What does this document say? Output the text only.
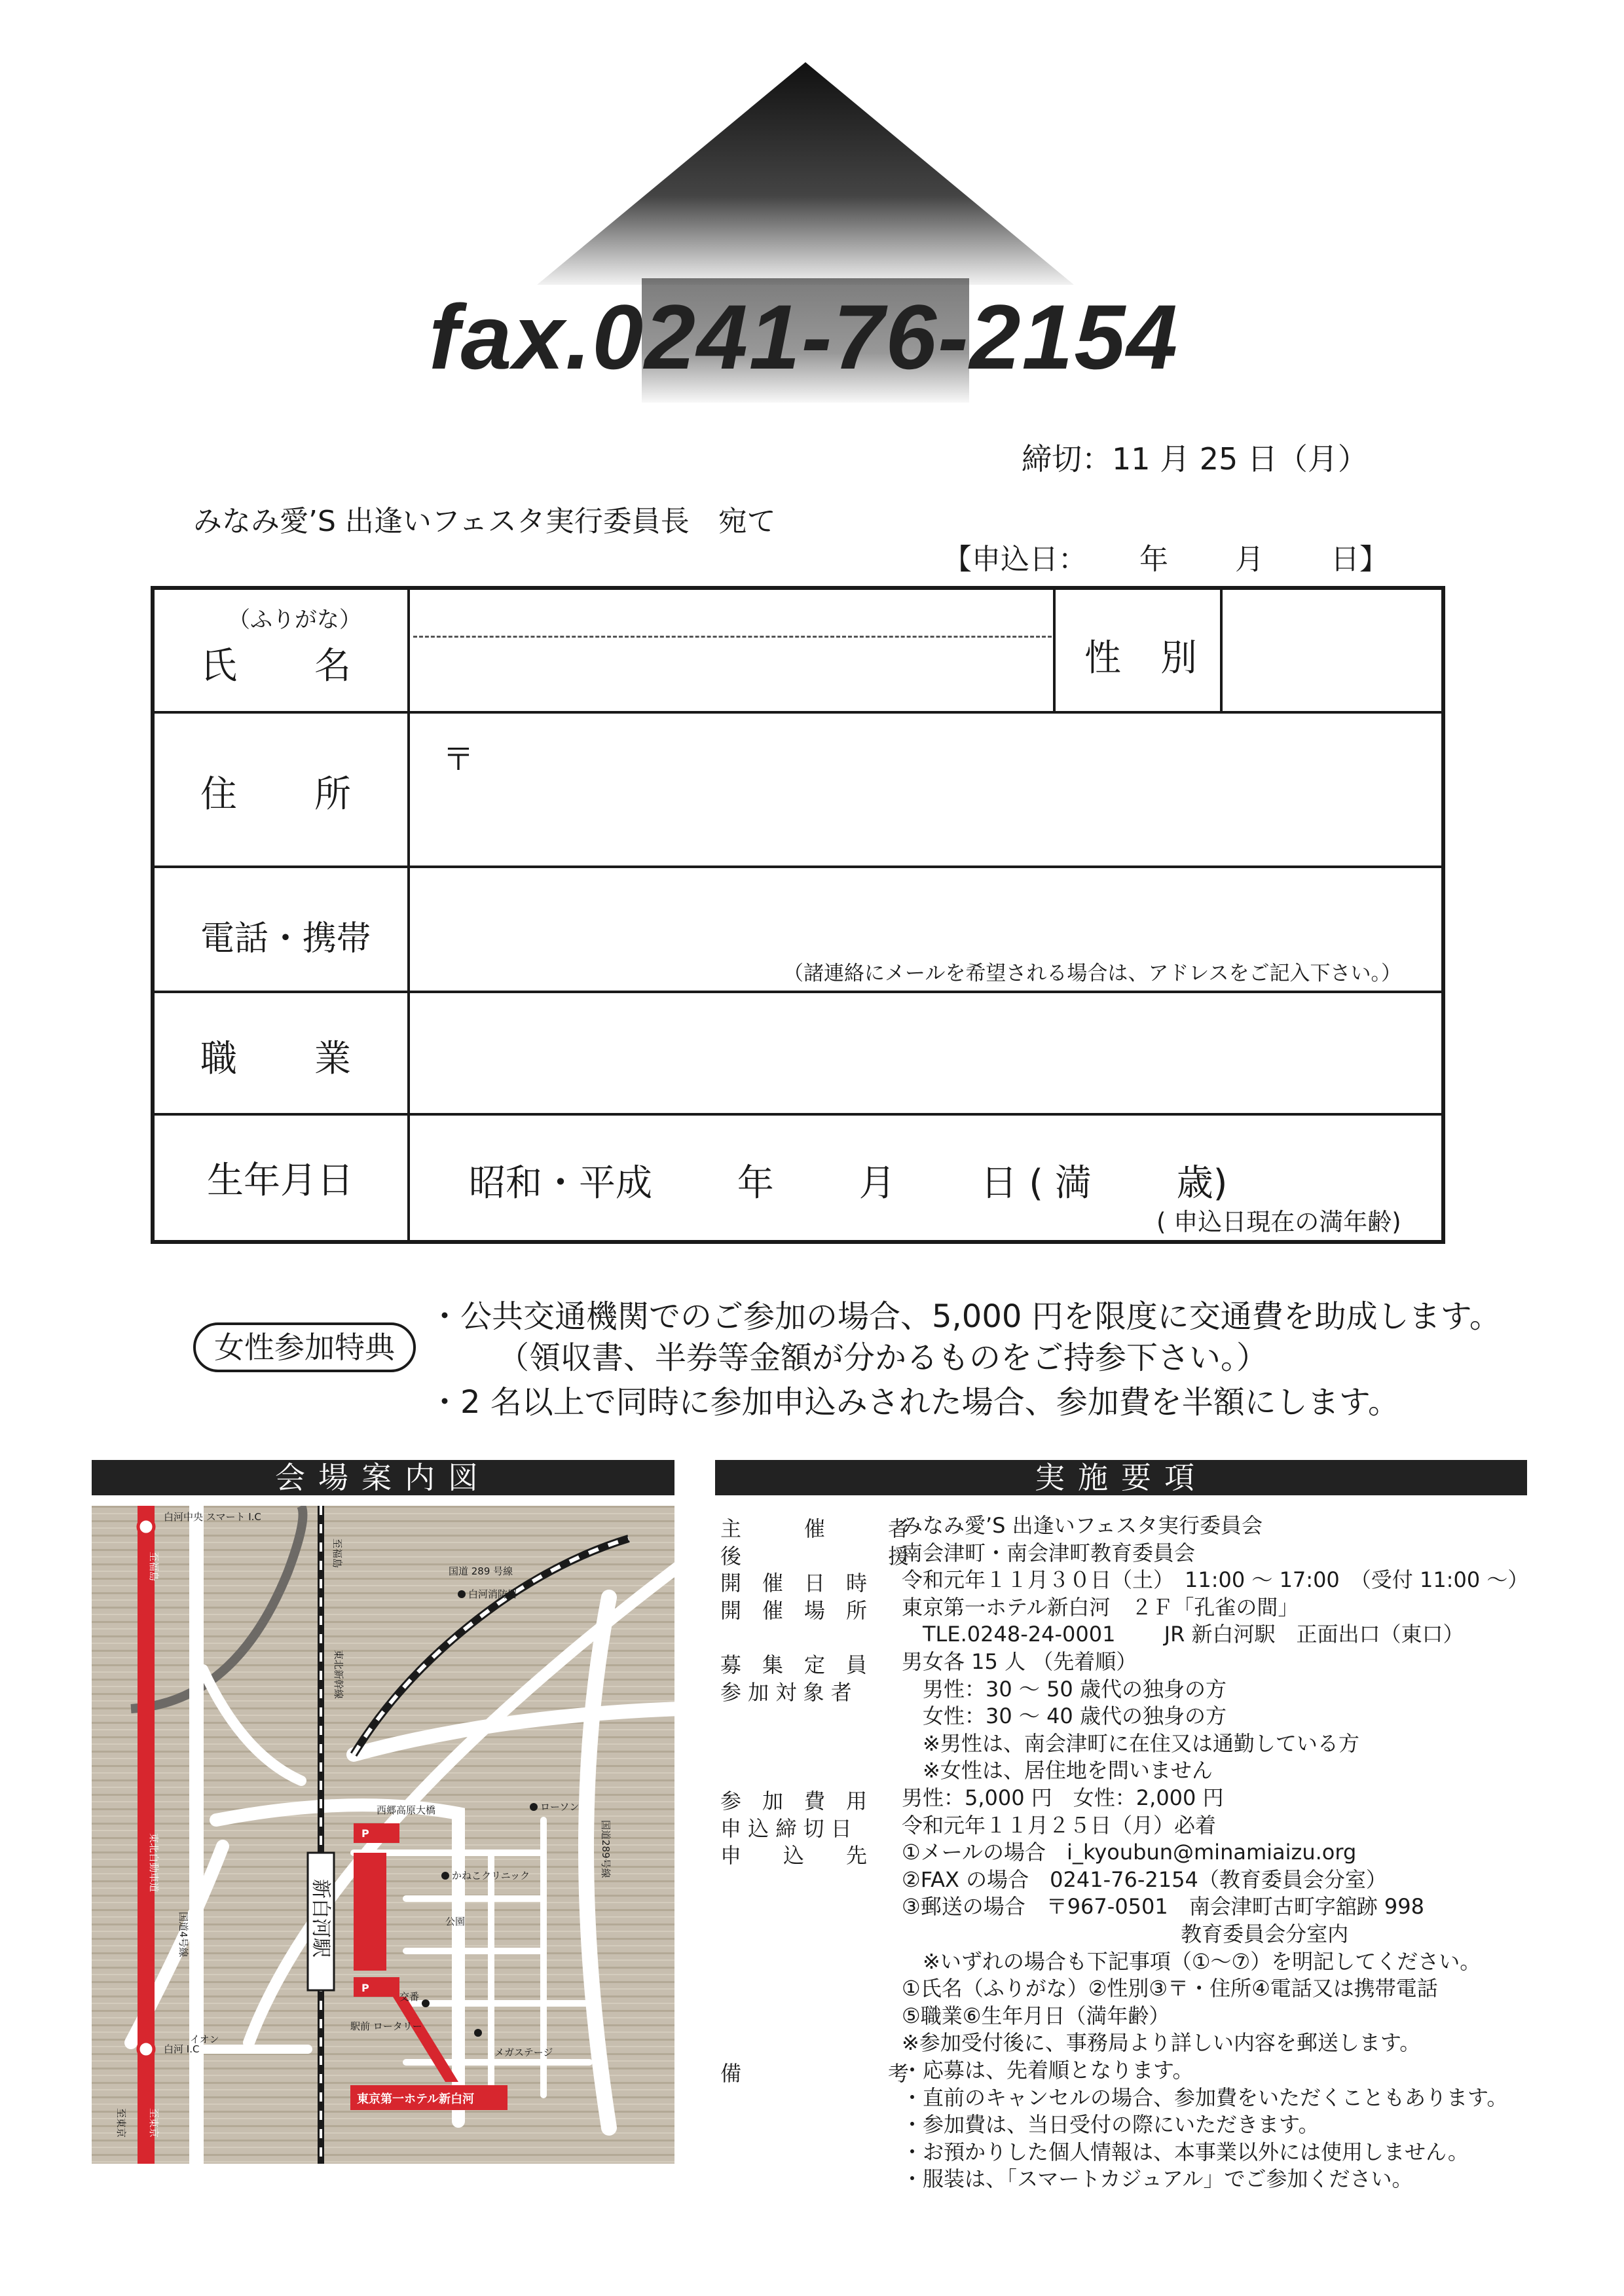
fax.0241-76-2154
締切：11 月 25 日（月）
みなみ愛’S 出逢いフェスタ実行委員長　宛て
【申込日：　　 年　　 月　　 日】
（ふりがな）
氏　　名	性　別
住　　所
〒
電話・携帯
（諸連絡にメールを希望される場合は、アドレスをご記入下さい。）
職　　業
生年月日	昭和・平成　　 年　　 月　　 日 ( 満　　 歳)
( 申込日現在の満年齢)
女性参加特典
・公共交通機関でのご参加の場合、5,000 円を限度に交通費を助成します。
（領収書、半券等金額が分かるものをご持参下さい。）
・2 名以上で同時に参加申込みされた場合、参加費を半額にします。
会場案内図	実施要項
白河中央 スマート I.C
国道 289 号線
白河消防署
西郷高原大橋	ローソン
かねこクリニック
公園
交番
駅前 ロータリー
イオン
白河 I.C	メガステージ
東京第一ホテル新白河
P
P
至福島	至福島
東北新幹線
国道289号線
東北自動車道
国道4号線
至東京
至東京
新白河駅
主　　　催　　　者
みなみ愛’S 出逢いフェスタ実行委員会
後　　　　　　　援
南会津町・南会津町教育委員会
開　催　日　時 令和元年１１月３０日（土）　11:00 〜 17:00　（受付 11:00 〜）
開　催　場　所 東京第一ホテル新白河　２Ｆ「孔雀の間」
　TLE.0248-24-0001　　 JR 新白河駅　正面出口（東口）
募　集　定　員 男女各 15 人 （先着順）
参 加 対 象 者 　男性：30 〜 50 歳代の独身の方
　女性：30 〜 40 歳代の独身の方
　※男性は、南会津町に在住又は通勤している方
　※女性は、居住地を問いません
参　加　費　用 男性：5,000 円　女性：2,000 円
申 込 締 切 日 令和元年１１月２５日（月）必着
申　　込　　先 ①メールの場合　i_kyoubun@minamiaizu.org
②FAX の場合　0241-76-2154（教育委員会分室）
③郵送の場合　〒967-0501　南会津町古町字舘跡 998
　　　　　　　　　　　　　 教育委員会分室内
　※いずれの場合も下記事項（①〜⑦）を明記してください。
①氏名（ふりがな）②性別③〒・住所④電話又は携帯電話
⑤職業⑥生年月日（満年齢）
※参加受付後に、事務局より詳しい内容を郵送します。
備　　　　　　　考
・応募は、先着順となります。
・直前のキャンセルの場合、参加費をいただくこともあります。
・参加費は、当日受付の際にいただきます。
・お預かりした個人情報は、本事業以外には使用しません。
・服装は、「スマートカジュアル」でご参加ください。
